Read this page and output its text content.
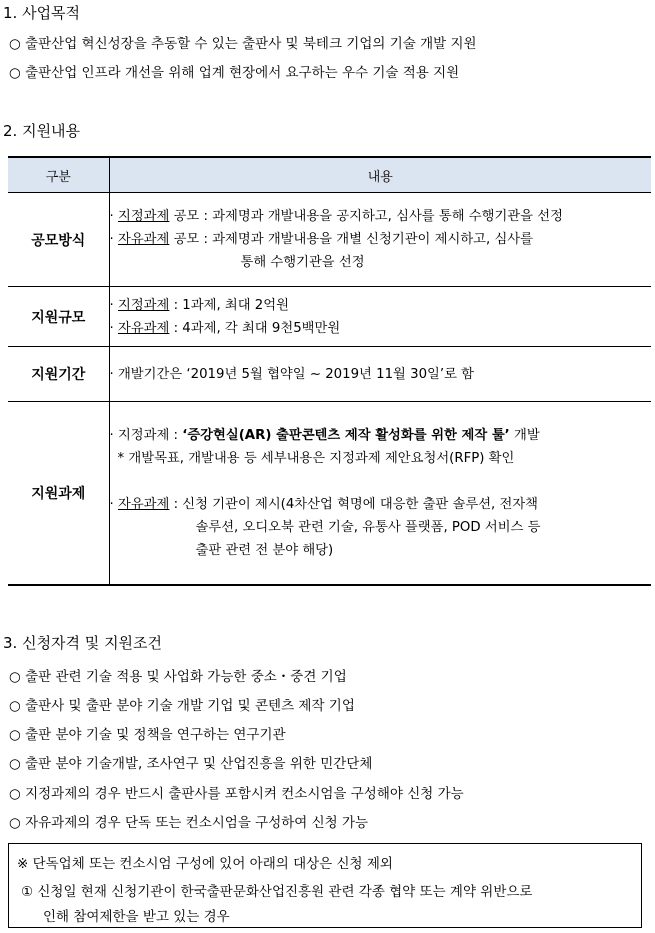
1. 사업목적
○ 출판산업 혁신성장을 추동할 수 있는 출판사 및 북테크 기업의 기술 개발 지원
○ 출판산업 인프라 개선을 위해 업계 현장에서 요구하는 우수 기술 적용 지원
2. 지원내용
구분	내용
공모방식	· 지정과제 공모 : 과제명과 개발내용을 공지하고, 심사를 통해 수행기관을 선정
· 자유과제 공모 : 과제명과 개발내용을 개별 신청기관이 제시하고, 심사를
통해 수행기관을 선정

지원규모	· 지정과제 : 1과제, 최대 2억원
· 자유과제 : 4과제, 각 최대 9천5백만원

지원기간	· 개발기간은 ‘2019년 5월 협약일 ~ 2019년 11월 30일’로 함
지원과제	· 지정과제 : ‘증강현실(AR) 출판콘텐츠 제작 활성화를 위한 제작 툴’ 개발
* 개발목표, 개발내용 등 세부내용은 지정과제 제안요청서(RFP) 확인
· 자유과제 : 신청 기관이 제시(4차산업 혁명에 대응한 출판 솔루션, 전자책
솔루션, 오디오북 관련 기술, 유통사 플랫폼, POD 서비스 등
출판 관련 전 분야 해당)
3. 신청자격 및 지원조건
○ 출판 관련 기술 적용 및 사업화 가능한 중소・중견 기업
○ 출판사 및 출판 분야 기술 개발 기업 및 콘텐츠 제작 기업
○ 출판 분야 기술 및 정책을 연구하는 연구기관
○ 출판 분야 기술개발, 조사연구 및 산업진흥을 위한 민간단체
○ 지정과제의 경우 반드시 출판사를 포함시켜 컨소시엄을 구성해야 신청 가능
○ 자유과제의 경우 단독 또는 컨소시엄을 구성하여 신청 가능
※ 단독업체 또는 컨소시엄 구성에 있어 아래의 대상은 신청 제외
① 신청일 현재 신청기관이 한국출판문화산업진흥원 관련 각종 협약 또는 계약 위반으로
인해 참여제한을 받고 있는 경우
